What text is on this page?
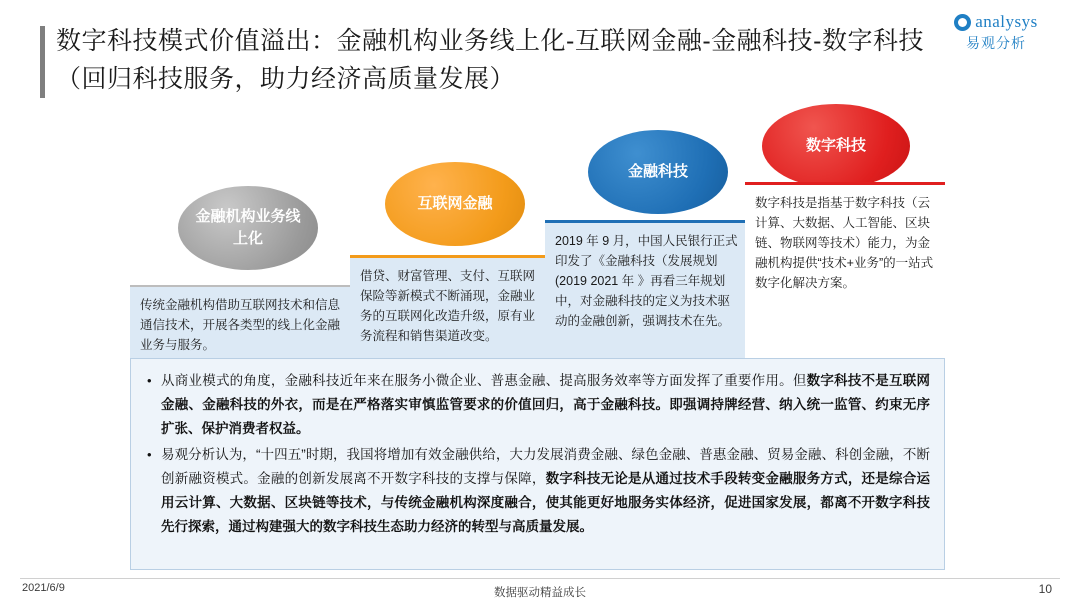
数字科技模式价值溢出：金融机构业务线上化-互联网金融-金融科技-数字科技（回归科技服务，助力经济高质量发展）
analysys
易观分析
金融机构业务线上化
互联网金融
金融科技
数字科技
传统金融机构借助互联网技术和信息通信技术，开展各类型的线上化金融业务与服务。
借贷、财富管理、支付、互联网保险等新模式不断涌现，金融业务的互联网化改造升级，原有业务流程和销售渠道改变。
2019 年 9 月，中国人民银行正式印发了《金融科技（发展规划(2019 2021 年 》再看三年规划中，对金融科技的定义为技术驱动的金融创新，强调技术在先。
数字科技是指基于数字科技（云计算、大数据、人工智能、区块链、物联网等技术）能力，为金融机构提供“技术+业务”的一站式数字化解决方案。
• 从商业模式的角度，金融科技近年来在服务小微企业、普惠金融、提高服务效率等方面发挥了重要作用。但数字科技不是互联网金融、金融科技的外衣，而是在严格落实审慎监管要求的价值回归，高于金融科技。即强调持牌经营、纳入统一监管、约束无序扩张、保护消费者权益。
• 易观分析认为，“十四五”时期，我国将增加有效金融供给，大力发展消费金融、绿色金融、普惠金融、贸易金融、科创金融，不断创新融资模式。金融的创新发展离不开数字科技的支撑与保障，数字科技无论是从通过技术手段转变金融服务方式，还是综合运用云计算、大数据、区块链等技术，与传统金融机构深度融合，使其能更好地服务实体经济，促进国家发展，都离不开数字科技先行探索，通过构建强大的数字科技生态助力经济的转型与高质量发展。
2021/6/9	数据驱动精益成长	10
